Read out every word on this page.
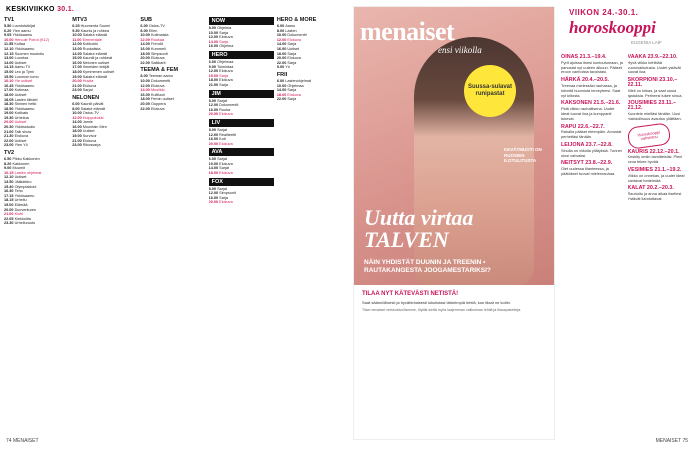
KESKIVIIKKO 30.1.
TV1
5.50 Luontotutkijat
6.20 Ylen aamu
9.05 Ykkösaamu
10.00 Hercule Poirot (K12)
11.55 Kultaa
12.10 Ykkösaamu
12.15 Suomen muotoilu
13.00 Luontoa
14.00 Uutiset
14.15 Aamu TV
15.00 Leo ja Tyrni
15.50 Luonnon lumo
16.10 Yle uutiset
16.45 Ykkösaamu
17.00 Kotimaa
18.00 Uutiset
18.05 Lasten tähdet
18.30 Sininen hetki
18.50 Ykkösaamu
19.00 Kotikatu
19.30 Urheilua
20.00 Uutiset
20.30 Ykkösstudio
21.00 Talk show
21.30 Elokuva
22.00 Uutiset
23.00 Ylen Yö
TV2
6.50 Pikku Kakkonen
8.20 Kakkonen
9.00 Muumit
10.15 Lasten ohjelmat
12.10 Uutiset
13.50 Jääkiekko
15.40 Olympiaklubi
16.30 Teho
17.15 Ykkösaamu
18.15 Urheilu
19.00 Elämää
20.00 Docventures
21.00 Klubi
22.05 Kiekkoilta
23.30 Urheiluruutu
MTV3
6.25 Huomenta Suomi
9.30 Kaunis ja rohkea
10.00 Salatut elämät
11.00 Emmerdale
12.00 Kotikokki
13.00 Ruokalista
14.00 Salatut elämät
15.00 Kauniit ja rohkeat
16.00 Nelonen uutiset
17.00 Ihmeiden tekijät
18.00 Kymmenen uutiset
19.00 Salatut elämät
20.00 Huvila
21.00 Elokuva
23.00 Sarjat
NELONEN
6.00 Kauniit päivät
8.00 Salatut elämät
10.00 Ostos-TV
12.00 Huippukokki
14.00 Jamie
16.00 Mountain Men
18.00 Uutiset
19.00 Survivor
21.00 Elokuva
23.00 Rikossarja
SUB
6.00 Ostos-TV
8.00 Ellen
10.00 Kotimaisia
12.00 Ruokaa
14.00 Frendit
16.00 Kummeli
18.00 Simpsonit
20.00 Elokuva
22.00 Salkkarit
TEEMA & FEM
8.00 Teeman aamu
10.00 Dokumentti
12.00 Elokuva
14.00 Musiikki
16.00 Kulttuuri
18.00 Femin uutiset
20.00 Ooppera
22.00 Elokuva
NOW
8.00 Ohjelma
10.00 Sarja
12.00 Elokuva
14.00 Sarja
16.00 Ohjelma
HERO
6.00 Ohjelmaa
9.00 Toimintaa
12.00 Elokuva
15.00 Sarja
18.00 Elokuva
21.00 Sarja
JIM
8.00 Sarjat
12.00 Dokumentit
16.00 Ruoka
20.00 Elokuva
LIV
8.00 Sarjat
12.00 Realiteetti
16.00 Koti
20.00 Elokuva
AVA
6.00 Sarjat
10.00 Elokuva
14.00 Sarjat
18.00 Elokuva
FOX
8.00 Sarjat
12.00 Simpsonit
16.00 Sarja
20.00 Elokuva
HERO & MORE
6.00 Aamu
8.00 Lasten
10.00 Dokumentti
12.00 Elokuva
14.00 Sarja
16.00 Uutiset
18.00 Sarja
20.00 Elokuva
22.00 Sarja
0.00 Yö
FRII
6.00 Lastenohjelmat
10.00 Ohjelmaa
14.00 Sarja
18.00 Elokuva
22.00 Sarja
74 MENAISET
menaiset
ensi viikolla
Suussa-sulavat runipastat
KEVÄTMUOTI ON RUOSIEN ILOTULITUSTA
Uutta virtaa TALVEN
NÄIN YHDISTÄT DUUNIN JA TREENIN • RAUTAKANGESTA JOOGAMESTARIKSI?
TILAA NYT KÄTEVÄSTI NETISTÄ!

Saat säännöllisesti ja hyvähintaisesti lukulistasi tärkeimpiä lehtiä, kun tilaat ne kotiin.

Tilaa menaiset verkkosivuiltamme, löydät sieltä myös laajemman valikoiman lehtiä ja tilauspaketteja.

VIIKON 24.-30.1.
horoskooppi
EUGENIA LAIF
OINAS 21.3.–19.4.
Pyrit ajoissa itsesi kuntoutumaan, ja panostat nyt uuteen alkuun. Pääset eroon vanhoista tavoistasi.
HÄRKÄ 20.4.–20.5.
Treenaa mielessäsi rauhassa, ja kiinnitä huomiota terveyteesi. Saat nyt kiitosta.
KAKSONEN 21.5.–21.6.
Pidä viikko rauhallisena. Uudet ideat tuovat iloa ja kumppanit tukevat.
RAPU 22.6.–22.7.
Rahalla pääset eteenpäin. Arvostat perhettäsi tänään.
LEIJONA 23.7.–22.8.
Sinulla on viikolla yllätyksiä. Tunnet olosi vahvaksi.
NEITSYT 23.8.–22.9.
Olet uudessa tilanteessa, ja päätökset tuovat mielenrauhaa.
VAAKA 23.9.–22.10.
Hyvä viikko kehittää vuorovaikutusta. Uudet ystävät tuovat iloa.
SKORPIONI 23.10.–22.11.
Mieli on kirkas, ja saat uusia ajatuksia. Perheesi tukee sinua.
JOUSIMIES 23.11.–21.12.
Kuuntele mieltäsi tänään. Uusi mahdollisuus avautuu yllättäen.
Horoskooppi vahvistuu
KAURIS 22.12.–20.1.
Keskity omiin tavoitteisiisi. Pieni loma tekee hyvää.
VESIMIES 21.1.–19.2.
Viikko on onnekas, ja uudet ideat kantavat hedelmää.
KALAT 20.2.–20.3.
Rauhoitu ja anna aikaa itsellesi. Ystävät ilahduttavat.
MENAISET 75
